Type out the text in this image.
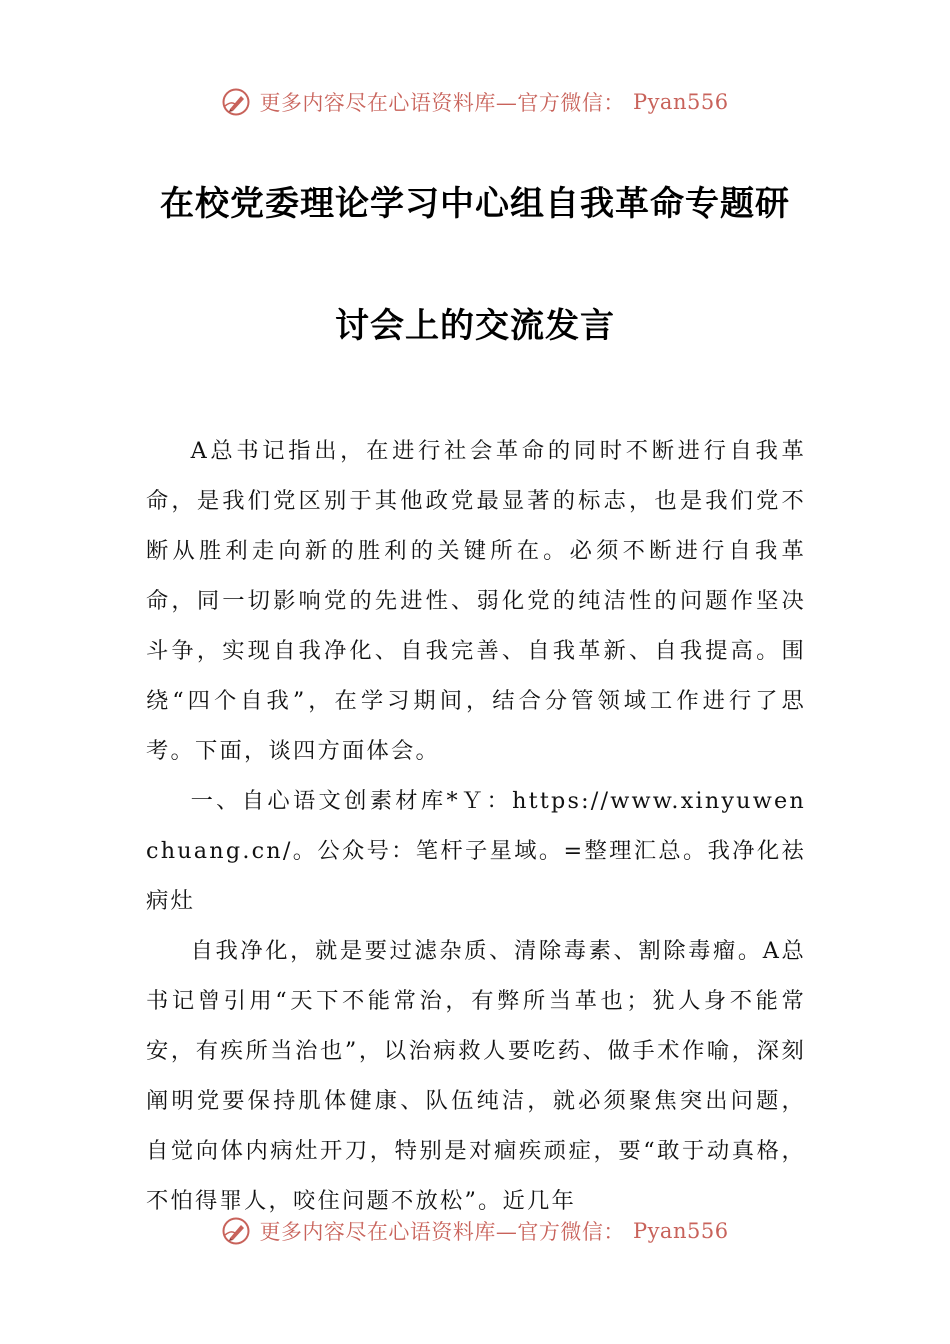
更多内容尽在心语资料库—官方微信： Pyan556
在校党委理论学习中心组自我革命专题研
讨会上的交流发言

A总书记指出，在进行社会革命的同时不断进行自我革命，是我们党区别于其他政党最显著的标志，也是我们党不断从胜利走向新的胜利的关键所在。必须不断进行自我革命，同一切影响党的先进性、弱化党的纯洁性的问题作坚决斗争，实现自我净化、自我完善、自我革新、自我提高。围绕“四个自我”，在学习期间，结合分管领域工作进行了思考。下面，谈四方面体会。

一、自心语文创素材库*Ｙ：https://www.xinyuwenchuang.cn/。公众号：笔杆子星域。=整理汇总。我净化祛病灶

自我净化，就是要过滤杂质、清除毒素、割除毒瘤。A总书记曾引用“天下不能常治，有弊所当革也；犹人身不能常安，有疾所当治也”，以治病救人要吃药、做手术作喻，深刻阐明党要保持肌体健康、队伍纯洁，就必须聚焦突出问题，自觉向体内病灶开刀，特别是对痼疾顽症，要“敢于动真格，不怕得罪人，咬住问题不放松”。近几年

更多内容尽在心语资料库—官方微信： Pyan556
